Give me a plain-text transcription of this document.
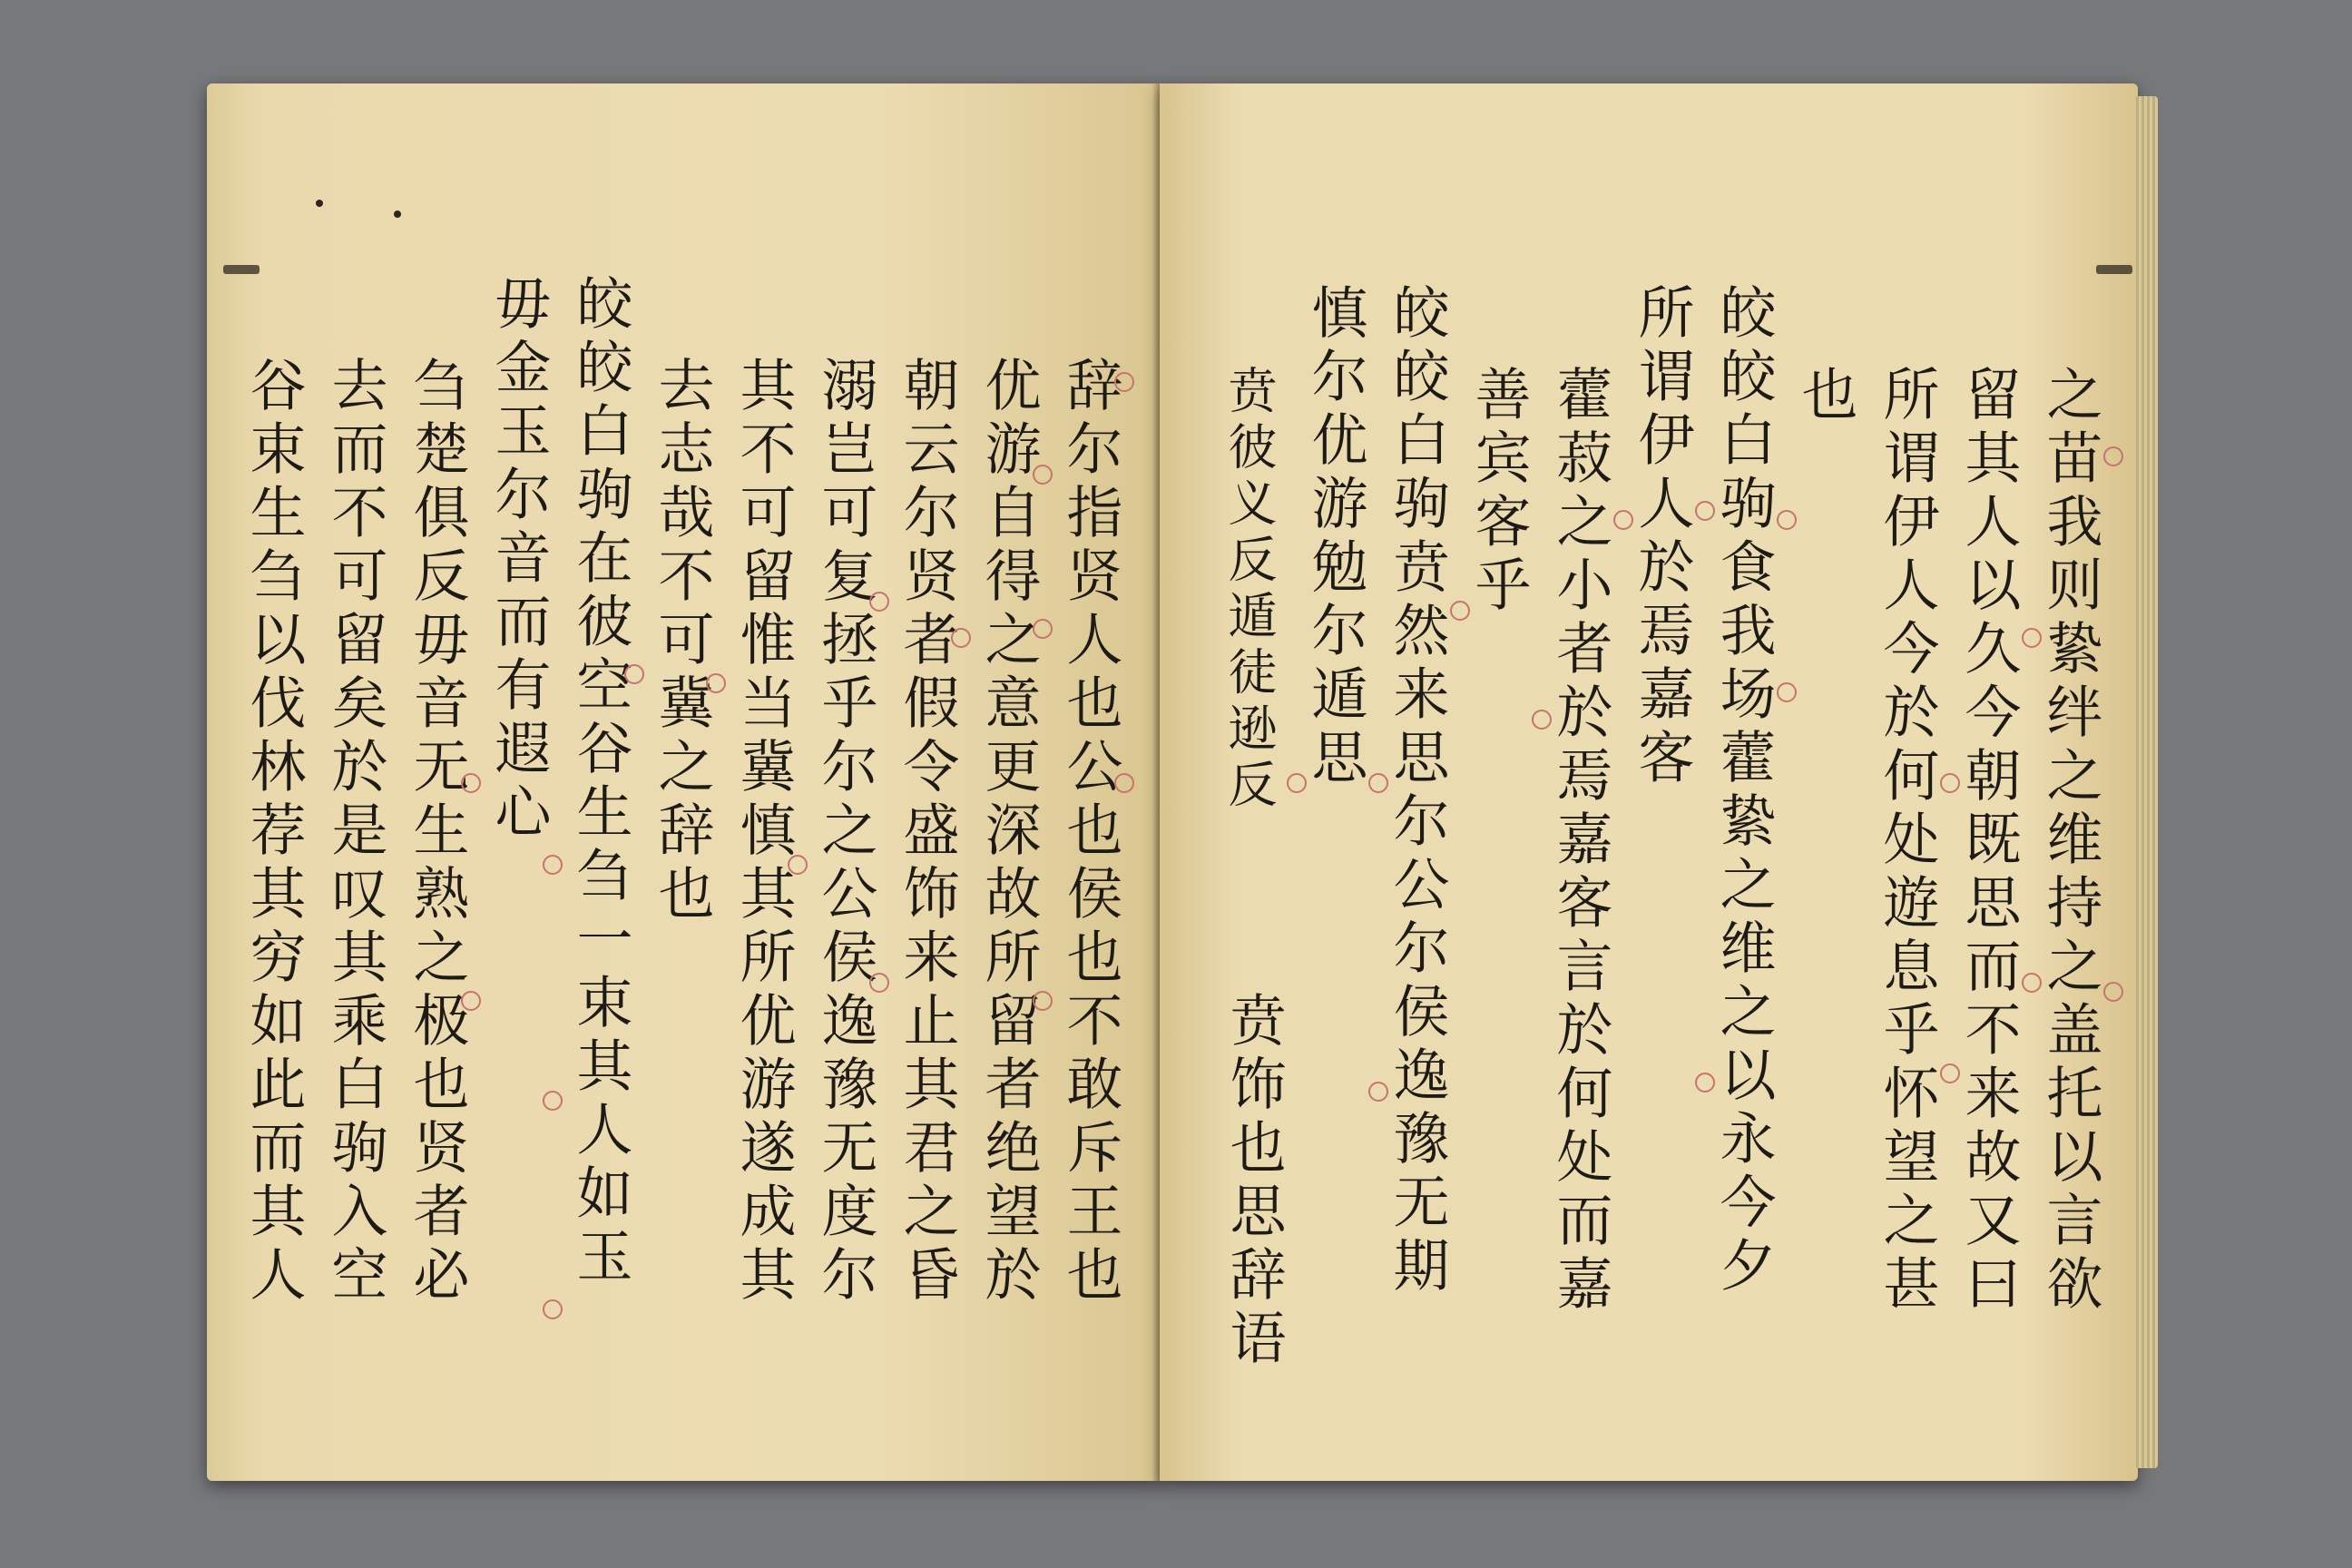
辞尔指贤人也公也侯也不敢斥王也
优游自得之意更深故所留者绝望於
朝云尔贤者假令盛饰来止其君之昏
溺岂可复拯乎尔之公侯逸豫无度尔
其不可留惟当冀慎其所优游遂成其
去志哉不可冀之辞也
皎皎白驹在彼空谷生刍一束其人如玉
毋金玉尔音而有遐心
刍楚俱反毋音无生熟之极也贤者必
去而不可留矣於是叹其乘白驹入空
谷束生刍以伐林荐其穷如此而其人	之苗我则絷绊之维持之盖托以言欲
留其人以久今朝既思而不来故又曰
所谓伊人今於何处遊息乎怀望之甚
也
皎皎白驹食我场藿絷之维之以永今夕
所谓伊人於焉嘉客
藿菽之小者於焉嘉客言於何处而嘉
善宾客乎
皎皎白驹贲然来思尔公尔侯逸豫无期
慎尔优游勉尔遁思
贲彼义反遁徒逊反
贲饰也思辞语
